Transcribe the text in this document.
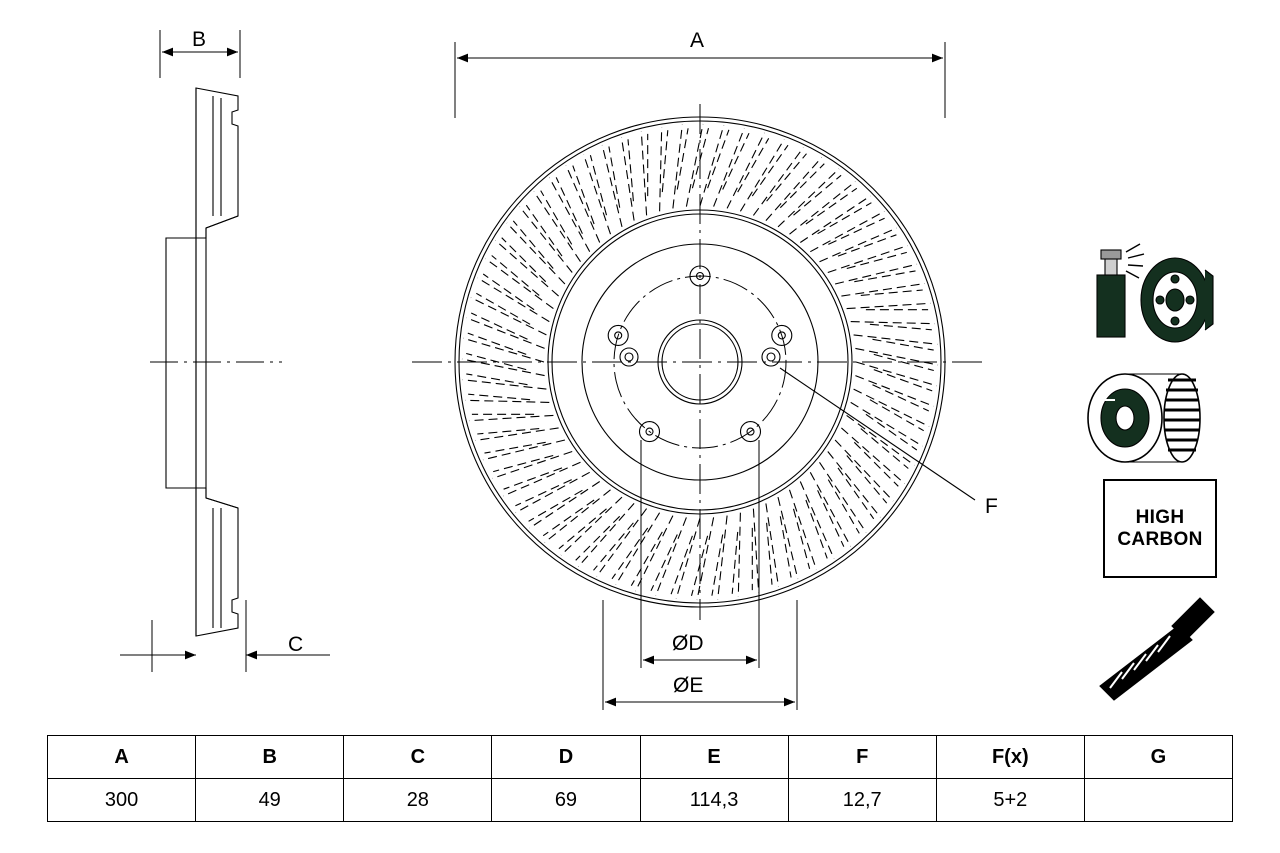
B
C
A
F
ØD
ØE
HIGH
CARBON
A	B	C	D	E	F	F(x)	G
300	49	28	69	114,3	12,7	5+2	
